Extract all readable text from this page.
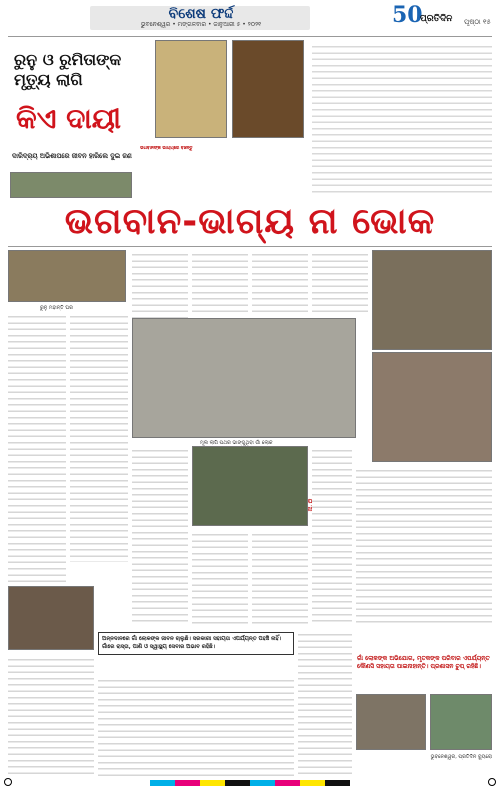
ବିଶେଷ ଫର୍ଦ୍ଦ
ଭୁବନେଶ୍ୱର • ମଙ୍ଗଳବାର • ଜାନୁଆରୀ ୫ • ୨୦୨୧	50
ପ୍ରତିଦିନ ପୃଷ୍ଠା ୧୫
ରୁନୁ ଓ ରୁମିତାଙ୍କ ମୃତ୍ୟୁ ଲାଗି
କିଏ ଦାୟୀ
ଦାରିଦ୍ର୍ୟ ଅଭିଶାପରେ ଜୀବନ ହାରିଲେ ଦୁଇ ଜଣ
ଭଗବାନଙ୍କ ଭାଗ୍ୟରେ ବଞ୍ଚନ୍ତୁ
ଭଗବାନ-ଭାଗ୍ୟ ନା ଭୋକ
ରୁନୁ ମହାନ୍ତି ଘର
ମୂଲ ଲାଗି ପଥର ଭାଙ୍ଗୁଥିବା ଗାଁ ଲୋକ
ନାହିଁ
ଅନ୍ନଦାନରେ ଗାଁ ଲୋକଙ୍କ ଜୀବନ ଚାଲୁଛି। ସରକାରୀ ସହାୟତା ଏପର୍ଯ୍ୟନ୍ତ ପହଞ୍ଚି ନାହିଁ। ଗାଁରେ ରାସ୍ତା, ପାଣି ଓ ସ୍ୱାସ୍ଥ୍ୟ ସେବାର ଅଭାବ ରହିଛି।
ଗାଁ ଲୋକଙ୍କ ଅଭିଯୋଗ, ମୃତକଙ୍କ ପରିବାର ଏପର୍ଯ୍ୟନ୍ତ କୌଣସି ସହାୟତା ପାଇନାହାନ୍ତି। ପ୍ରଶାସନ ଚୁପ୍ ରହିଛି।
ଭୁବନେଶ୍ୱର, ପ୍ରତିଦିନ ବ୍ୟୁରୋ
